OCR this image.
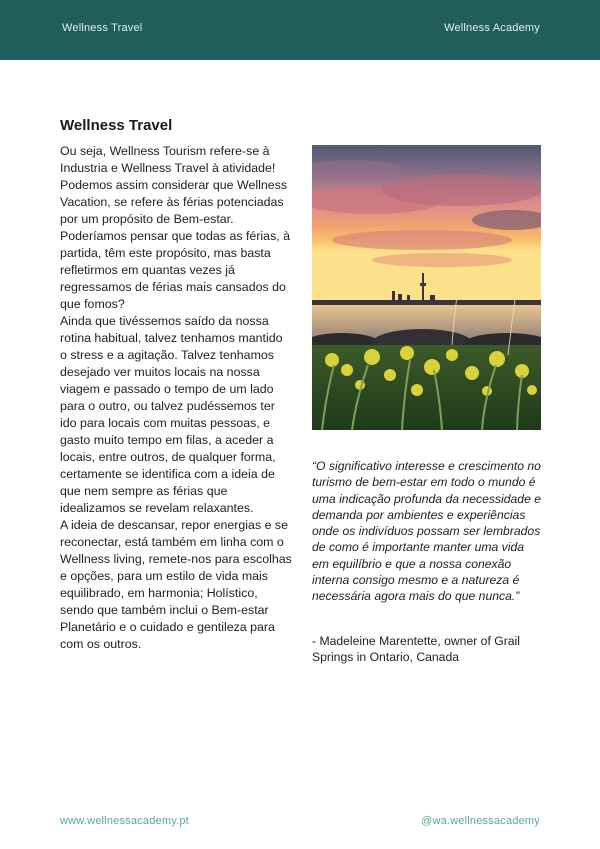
Wellness Travel	Wellness Academy
Wellness Travel

Ou seja, Wellness Tourism refere-se à Industria e Wellness Travel à atividade!

Podemos assim considerar que Wellness Vacation, se refere às férias potenciadas por um propósito de Bem-estar.

Poderíamos pensar que todas as férias, à partida, têm este propósito, mas basta refletirmos em quantas vezes já regressamos de férias mais cansados do que fomos?

Ainda que tivéssemos saído da nossa rotina habitual, talvez tenhamos mantido o stress e a agitação. Talvez tenhamos desejado ver muitos locais na nossa viagem e passado o tempo de um lado para o outro, ou talvez pudéssemos ter ido para locais com muitas pessoas, e gasto muito tempo em filas, a aceder a locais, entre outros, de qualquer forma, certamente se identifica com a ideia de que nem sempre as férias que idealizamos se revelam relaxantes.

A ideia de descansar, repor energias e se reconectar, está também em linha com o Wellness living, remete-nos para escolhas e opções, para um estilo de vida mais equilibrado, em harmonia; Holístico, sendo que também inclui o Bem-estar Planetário e o cuidado e gentileza para com os outros.

“O significativo interesse e crescimento no turismo de bem-estar em todo o mundo é uma indicação profunda da necessidade e demanda por ambientes e experiências onde os indivíduos possam ser lembrados de como é importante manter uma vida em equilíbrio e que a nossa conexão interna consigo mesmo e a natureza é necessária agora mais do que nunca.”
- Madeleine Marentette, owner of Grail Springs in Ontario, Canada
www.wellnessacademy.pt	@wa.wellnessacademy
